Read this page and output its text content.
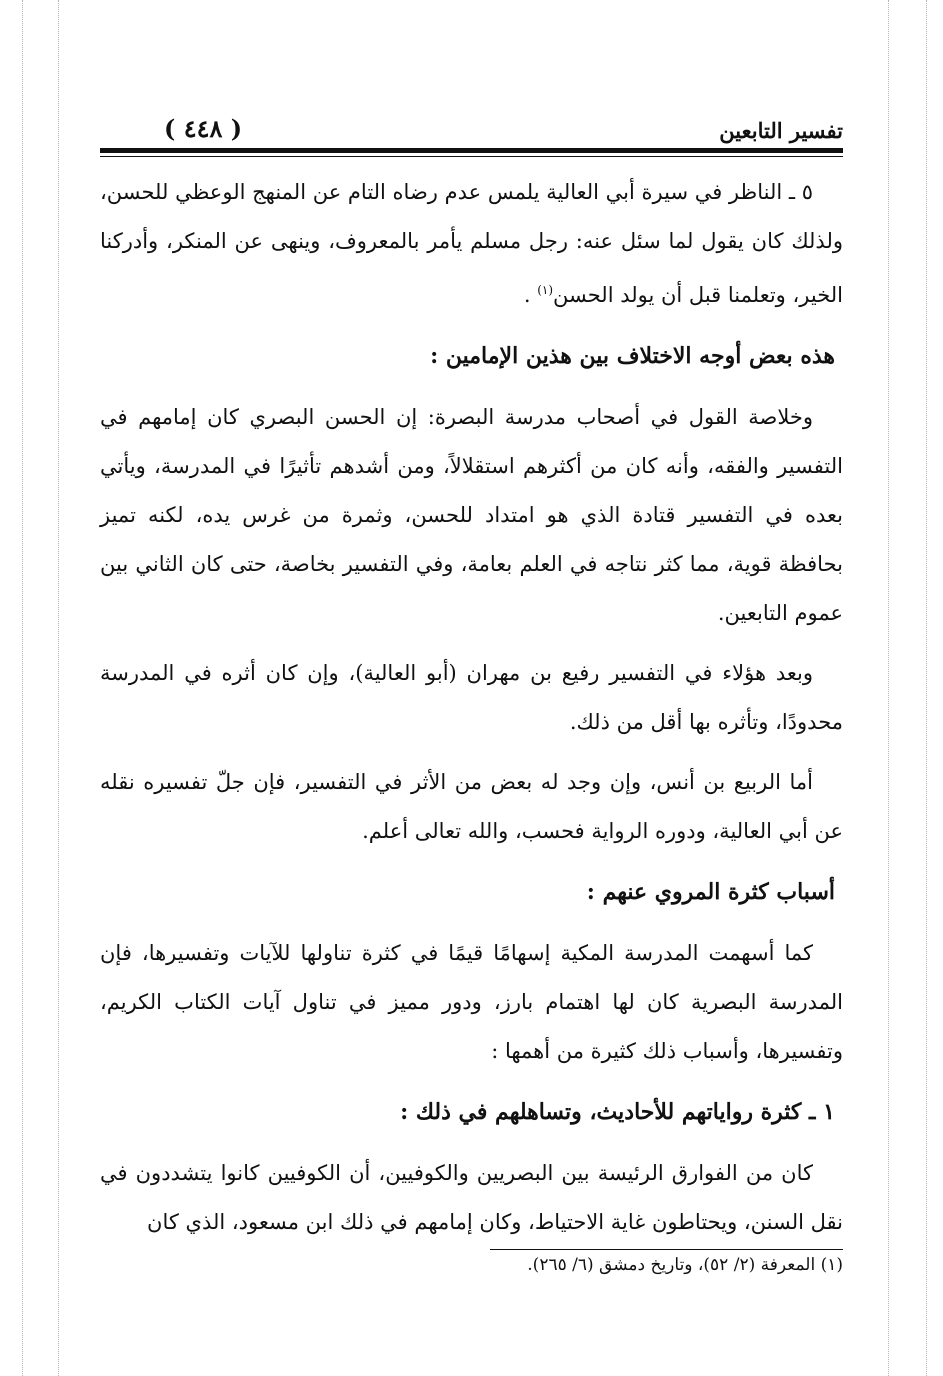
( ٤٤٨ )	تفسير التابعين

٥ ـ الناظر في سيرة أبي العالية يلمس عدم رضاه التام عن المنهج الوعظي للحسن، ولذلك كان يقول لما سئل عنه: رجل مسلم يأمر بالمعروف، وينهى عن المنكر، وأدركنا الخير، وتعلمنا قبل أن يولد الحسن$^{(١)}$ .

هذه بعض أوجه الاختلاف بين هذين الإمامين :

وخلاصة القول في أصحاب مدرسة البصرة: إن الحسن البصري كان إمامهم في التفسير والفقه، وأنه كان من أكثرهم استقلالاً، ومن أشدهم تأثيرًا في المدرسة، ويأتي بعده في التفسير قتادة الذي هو امتداد للحسن، وثمرة من غرس يده، لكنه تميز بحافظة قوية، مما كثر نتاجه في العلم بعامة، وفي التفسير بخاصة، حتى كان الثاني بين عموم التابعين.

وبعد هؤلاء في التفسير رفيع بن مهران (أبو العالية)، وإن كان أثره في المدرسة محدودًا، وتأثره بها أقل من ذلك.

أما الربيع بن أنس، وإن وجد له بعض من الأثر في التفسير، فإن جلّ تفسيره نقله عن أبي العالية، ودوره الرواية فحسب، والله تعالى أعلم.

أسباب كثرة المروي عنهم :

كما أسهمت المدرسة المكية إسهامًا قيمًا في كثرة تناولها للآيات وتفسيرها، فإن المدرسة البصرية كان لها اهتمام بارز، ودور مميز في تناول آيات الكتاب الكريم، وتفسيرها، وأسباب ذلك كثيرة من أهمها :

١ ـ كثرة رواياتهم للأحاديث، وتساهلهم في ذلك :

كان من الفوارق الرئيسة بين البصريين والكوفيين، أن الكوفيين كانوا يتشددون في نقل السنن، ويحتاطون غاية الاحتياط، وكان إمامهم في ذلك ابن مسعود، الذي كان

(١) المعرفة (٢/ ٥٢)، وتاريخ دمشق (٦/ ٢٦٥).
